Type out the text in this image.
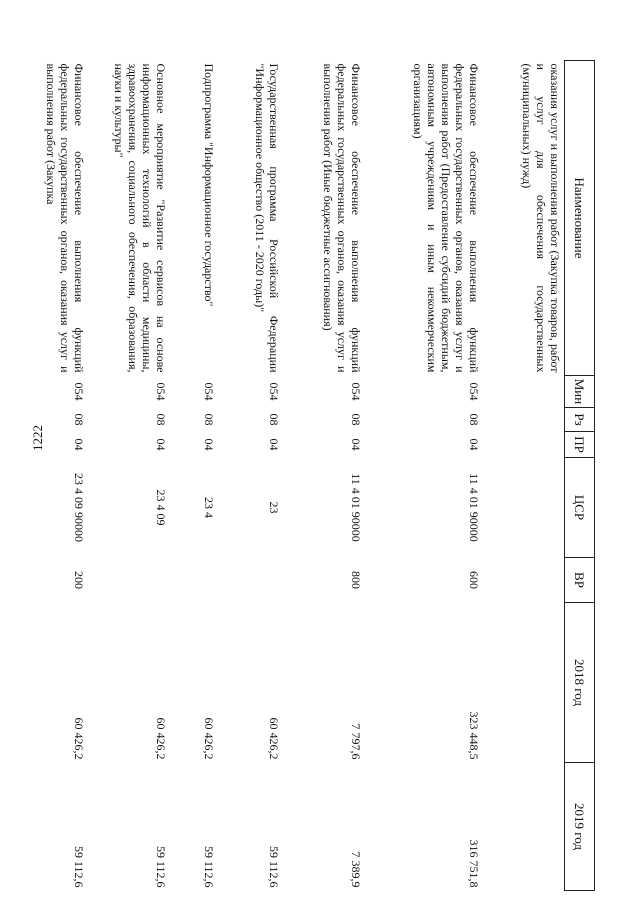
1222
Наименование	Мин	Рз	ПР	ЦСР	ВР	2018 год	2019 год
оказания услуг и выполнения работ (Закупка товаров, работ и услуг для обеспечения государственных (муниципальных) нужд)							
Финансовое обеспечение выполнения функций федеральных государственных органов, оказания услуг и выполнения работ (Предоставление субсидий бюджетным, автономным учреждениям и иным некоммерческим организациям)	054	08	04	11 4 01 90000	600	323 448,5	316 751,8
Финансовое обеспечение выполнения функций федеральных государственных органов, оказания услуг и выполнения работ (Иные бюджетные ассигнования)	054	08	04	11 4 01 90000	800	7 797,6	7 389,9
Государственная программа Российской Федерации "Информационное общество (2011 - 2020 годы)"	054	08	04	23		60 426,2	59 112,6
Подпрограмма "Информационное государство"	054	08	04	23 4		60 426,2	59 112,6
Основное мероприятие "Развитие сервисов на основе информационных технологий в области медицины, здравоохранения, социального обеспечения, образования, науки и культуры"	054	08	04	23 4 09		60 426,2	59 112,6
Финансовое обеспечение выполнения функций федеральных государственных органов, оказания услуг и выполнения работ (Закупка	054	08	04	23 4 09 90000	200	60 426,2	59 112,6
